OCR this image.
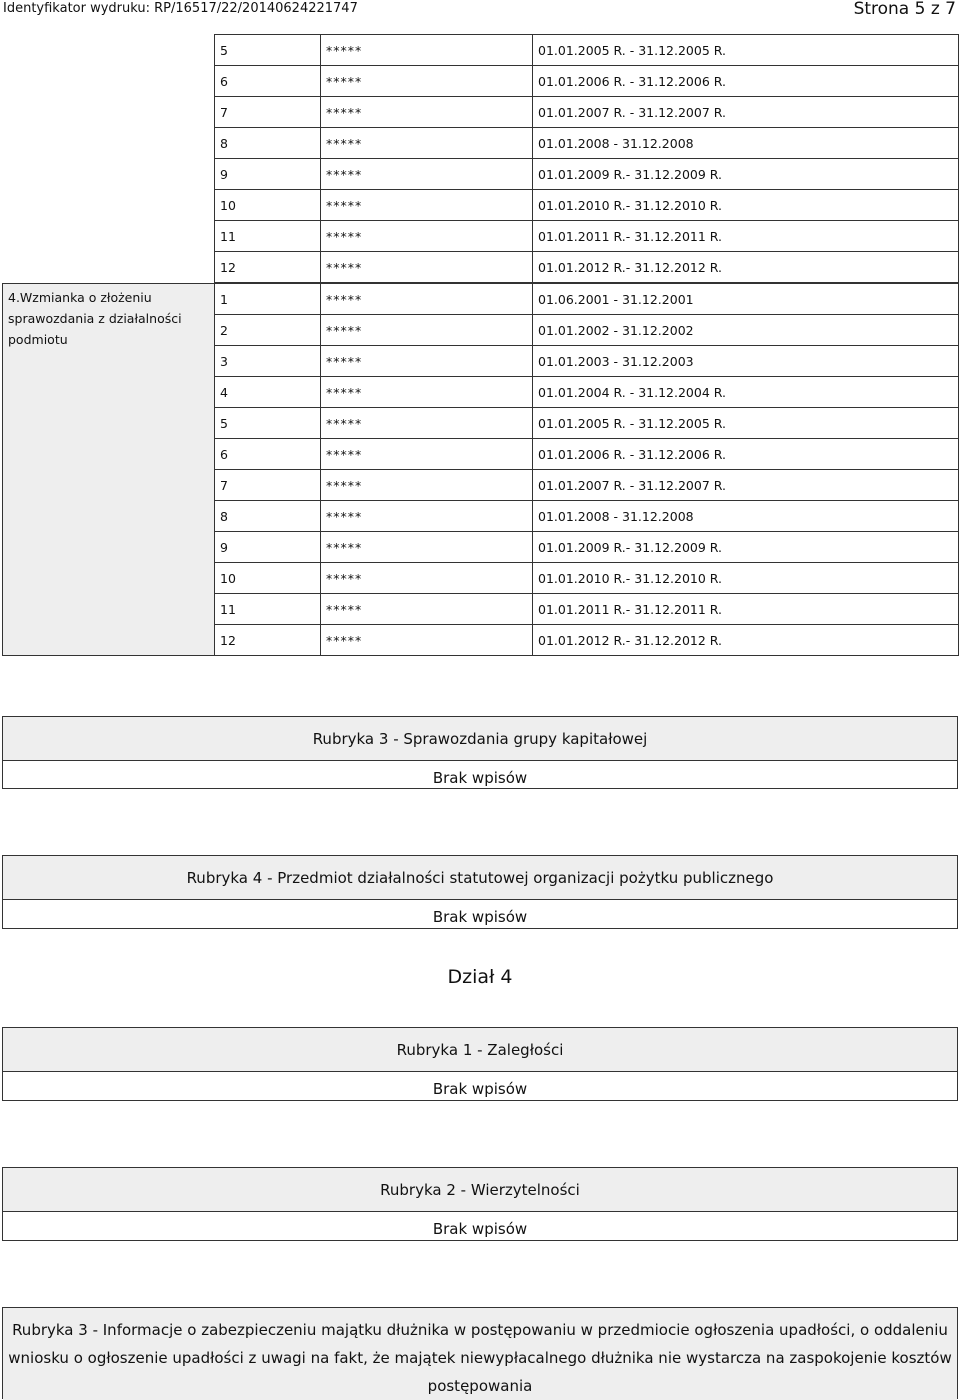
Identyfikator wydruku: RP/16517/22/20140624221747	Strona 5 z 7
5	*****	01.01.2005 R. - 31.12.2005 R.
6	*****	01.01.2006 R. - 31.12.2006 R.
7	*****	01.01.2007 R. - 31.12.2007 R.
8	*****	01.01.2008 - 31.12.2008
9	*****	01.01.2009 R.- 31.12.2009 R.
10	*****	01.01.2010 R.- 31.12.2010 R.
11	*****	01.01.2011 R.- 31.12.2011 R.
12	*****	01.01.2012 R.- 31.12.2012 R.
4.Wzmianka o złożeniu sprawozdania z działalności podmiotu	1	*****	01.06.2001 - 31.12.2001
	2	*****	01.01.2002 - 31.12.2002
	3	*****	01.01.2003 - 31.12.2003
	4	*****	01.01.2004 R. - 31.12.2004 R.
	5	*****	01.01.2005 R. - 31.12.2005 R.
	6	*****	01.01.2006 R. - 31.12.2006 R.
	7	*****	01.01.2007 R. - 31.12.2007 R.
	8	*****	01.01.2008 - 31.12.2008
	9	*****	01.01.2009 R.- 31.12.2009 R.
	10	*****	01.01.2010 R.- 31.12.2010 R.
	11	*****	01.01.2011 R.- 31.12.2011 R.
	12	*****	01.01.2012 R.- 31.12.2012 R.
Rubryka 3 - Sprawozdania grupy kapitałowej
Brak wpisów
Rubryka 4 - Przedmiot działalności statutowej organizacji pożytku publicznego
Brak wpisów
Dział 4
Rubryka 1 - Zaległości
Brak wpisów
Rubryka 2 - Wierzytelności
Brak wpisów
Rubryka 3 - Informacje o zabezpieczeniu majątku dłużnika w postępowaniu w przedmiocie ogłoszenia upadłości, o oddaleniu wniosku o ogłoszenie upadłości z uwagi na fakt, że majątek niewypłacalnego dłużnika nie wystarcza na zaspokojenie kosztów postępowania
